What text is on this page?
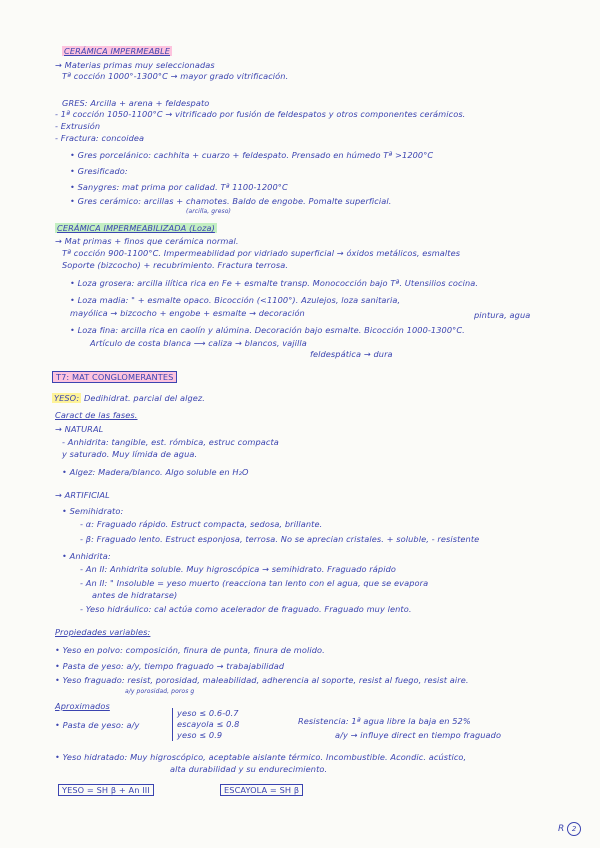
CERÁMICA IMPERMEABLE
→ Materias primas muy seleccionadas
Tª cocción 1000°-1300°C → mayor grado vitrificación.
GRES: Arcilla + arena + feldespato
- 1ª cocción 1050-1100°C → vitrificado por fusión de feldespatos y otros componentes cerámicos.
- Extrusión
- Fractura: concoidea
• Gres porcelánico: cachhita + cuarzo + feldespato. Prensado en húmedo Tª >1200°C
• Gresificado:
• Sanygres: mat prima por calidad. Tª 1100-1200°C
• Gres cerámico: arcillas + chamotes. Baldo de engobe. Pomalte superficial.
(arcilla, greso)
CERÁMICA IMPERMEABILIZADA (Loza)
→ Mat primas + finos que cerámica normal.
Tª cocción 900-1100°C. Impermeabilidad por vidriado superficial → óxidos metálicos, esmaltes
Soporte (bizcocho) + recubrimiento. Fractura terrosa.
• Loza grosera: arcilla ilítica rica en Fe + esmalte transp. Monococción bajo Tª. Utensilios cocina.
• Loza madia: " + esmalte opaco. Bicocción (<1100°). Azulejos, loza sanitaria,
mayólica → bizcocho + engobe + esmalte → decoración	pintura, agua
• Loza fina: arcilla rica en caolín y alúmina. Decoración bajo esmalte. Bicocción 1000-1300°C.
Artículo de costa blanca ⟶ caliza → blancos, vajilla
feldespática → dura
T7: MAT CONGLOMERANTES
YESO: Dedihidrat. parcial del algez.
Caract de las fases.
→ NATURAL
- Anhidrita: tangible, est. rómbica, estruc compacta
y saturado. Muy límida de agua.
• Algez: Madera/blanco. Algo soluble en H₂O
→ ARTIFICIAL
• Semihidrato:
- α: Fraguado rápido. Estruct compacta, sedosa, brillante.
- β: Fraguado lento. Estruct esponjosa, terrosa. No se aprecian cristales. + soluble, - resistente
• Anhidrita:
- An II: Anhidrita soluble. Muy higroscópica → semihidrato. Fraguado rápido
- An II: " Insoluble = yeso muerto (reacciona tan lento con el agua, que se evapora
antes de hidratarse)
- Yeso hidráulico: cal actúa como acelerador de fraguado. Fraguado muy lento.
Propiedades variables:
• Yeso en polvo: composición, finura de punta, finura de molido.
• Pasta de yeso: a/y, tiempo fraguado → trabajabilidad
• Yeso fraguado: resist, porosidad, maleabilidad, adherencia al soporte, resist al fuego, resist aire.
a/y porosidad, poros g
Aproximados
• Pasta de yeso: a/y
yeso ≤ 0.6-0.7
escayola ≤ 0.8
yeso ≤ 0.9
Resistencia: 1ª agua libre la baja en 52%
a/y → influye direct en tiempo fraguado
• Yeso hidratado: Muy higroscópico, aceptable aislante térmico. Incombustible. Acondic. acústico,
alta durabilidad y su endurecimiento.
YESO = SH β + An III	ESCAYOLA = SH β
R 2
